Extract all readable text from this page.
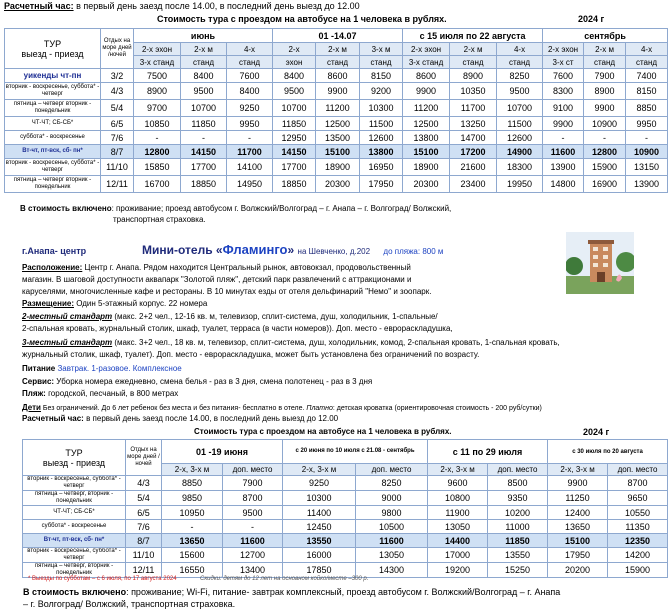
Расчетный час: в первый день заезд после 14.00, в последний день выезд до 12.00
Стоимость тура с проездом на автобусе на 1 человека в рублях.	2024 г
ТУР
выезд - приезд	Отдых на море дней /ночей	июнь			01 -14.07			с 15 июля по 22 августа			сентябрь		
		2-х эхон	2-х м	4-х	2-х	2-х м	3-х м	2-х эхон	2-х м	4-х	2-х эхон	2-х м	4-х
		3-х станд	станд	станд	эхон	станд	станд	3-х станд	станд	станд	3-х ст	станд	станд
уикенды чт-пн	3/2	7500	8400	7600	8400	8600	8150	8600	8900	8250	7600	7900	7400
вторник - воскресенье, суббота* - четверг	4/3	8900	9500	8400	9500	9900	9200	9900	10350	9500	8300	8900	8150
пятница – четверг вторник - понедельник	5/4	9700	10700	9250	10700	11200	10300	11200	11700	10700	9100	9900	8850
ЧТ-ЧТ; СБ-СБ*	6/5	10850	11850	9950	11850	12500	11500	12500	13250	11500	9900	10900	9950
суббота* - воскресенье	7/6	-	-	-	12950	13500	12600	13800	14700	12600	-	-	-
Вт-чт, пт-вск, сб- пн*	8/7	12800	14150	11700	14150	15100	13800	15100	17200	14900	11600	12800	10900
вторник - воскресенье, суббота* - четверг	11/10	15850	17700	14100	17700	18900	16950	18900	21600	18300	13900	15900	13150
пятница – четверг вторник - понедельник	12/11	16700	18850	14950	18850	20300	17950	20300	23400	19950	14800	16900	13900
В стоимость включено: проживание; проезд автобусом г. Волжский/Волгоград – г. Анапа – г. Волгоград/ Волжский,
транспортная страховка.
г.Анапа- центр	Мини-отель «Фламинго» на Шевченко, д.202 до пляжа: 800 м
Расположение: Центр г. Анапа. Рядом находится Центральный рынок, автовокзал, продовольственный
магазин. В шаговой доступности аквапарк "Золотой пляж", детский парк развлечений с аттракционами и
каруселями, многочисленные кафе и рестораны. В 10 минутах езды от отеля дельфинарий "Немо" и зоопарк.
Размещение: Один 5-этажный корпус. 22 номера
2-местный стандарт (макс. 2+2 чел., 12-16 кв. м, телевизор, сплит-система, душ, холодильник, 1-спальные/
2-спальная кровать, журнальный столик, шкаф, туалет, терраса (в части номеров)). Доп. место - еврораскладушка,
3-местный стандарт (макс. 3+2 чел., 18 кв. м, телевизор, сплит-система, душ, холодильник, комод, 2-спальная кровать, 1-спальная кровать,
журнальный столик, шкаф, туалет). Доп. место - еврораскладушка, может быть установлена без ограничений по возрасту.
Питание Завтрак. 1-разовое. Комплексное
Сервис: Уборка номера ежедневно, смена белья - раз в 3 дня, смена полотенец - раз в 3 дня
Пляж: городской, песчаный, в 800 метрах
Дети Без ограничений. До 6 лет ребенок без места и без питания- бесплатно в отеле. Платно: детская кроватка (ориентировочная стоимость - 200 руб/сутки)
Расчетный час: в первый день заезд после 14.00, в последний день выезд до 12.00
Стоимость тура с проездом на автобусе на 1 человека в рублях.	2024 г
ТУР
выезд - приезд	Отдых на море дней /ночей	01 -19 июня		с 20 июня по 10 июля с 21.08 - сентябрь		с 11 по 29 июля		с 30 июля по 20 августа	
		2-х, 3-х м	доп. место	2-х, 3-х м	доп. место	2-х, 3-х м	доп. место	2-х, 3-х м	доп. место
вторник - воскресенье, суббота* - четверг	4/3	8850	7900	9250	8250	9600	8500	9900	8700
пятница – четверг, вторник - понедельник	5/4	9850	8700	10300	9000	10800	9350	11250	9650
ЧТ-ЧТ; СБ-СБ*	6/5	10950	9500	11400	9800	11900	10200	12400	10550
суббота* - воскресенье	7/6	-	-	12450	10500	13050	11000	13650	11350
Вт-чт, пт-вск, сб- пн*	8/7	13650	11600	13550	11600	14400	11850	15100	12350
вторник - воскресенье, суббота* - четверг	11/10	15600	12700	16000	13050	17000	13550	17950	14200
пятница – четверг, вторник - понедельник	12/11	16550	13400	17850	14300	19200	15250	20200	15900
* Выезды по субботам – с 6 июля, по 17 августа 2024	Скидки: детям до 12 лет на основном койко/месте –300 р.
В стоимость включено: проживание; Wi-Fi, питание- завтрак комплексный, проезд автобусом г. Волжский/Волгоград – г. Анапа
– г. Волгоград/ Волжский, транспортная страховка.
